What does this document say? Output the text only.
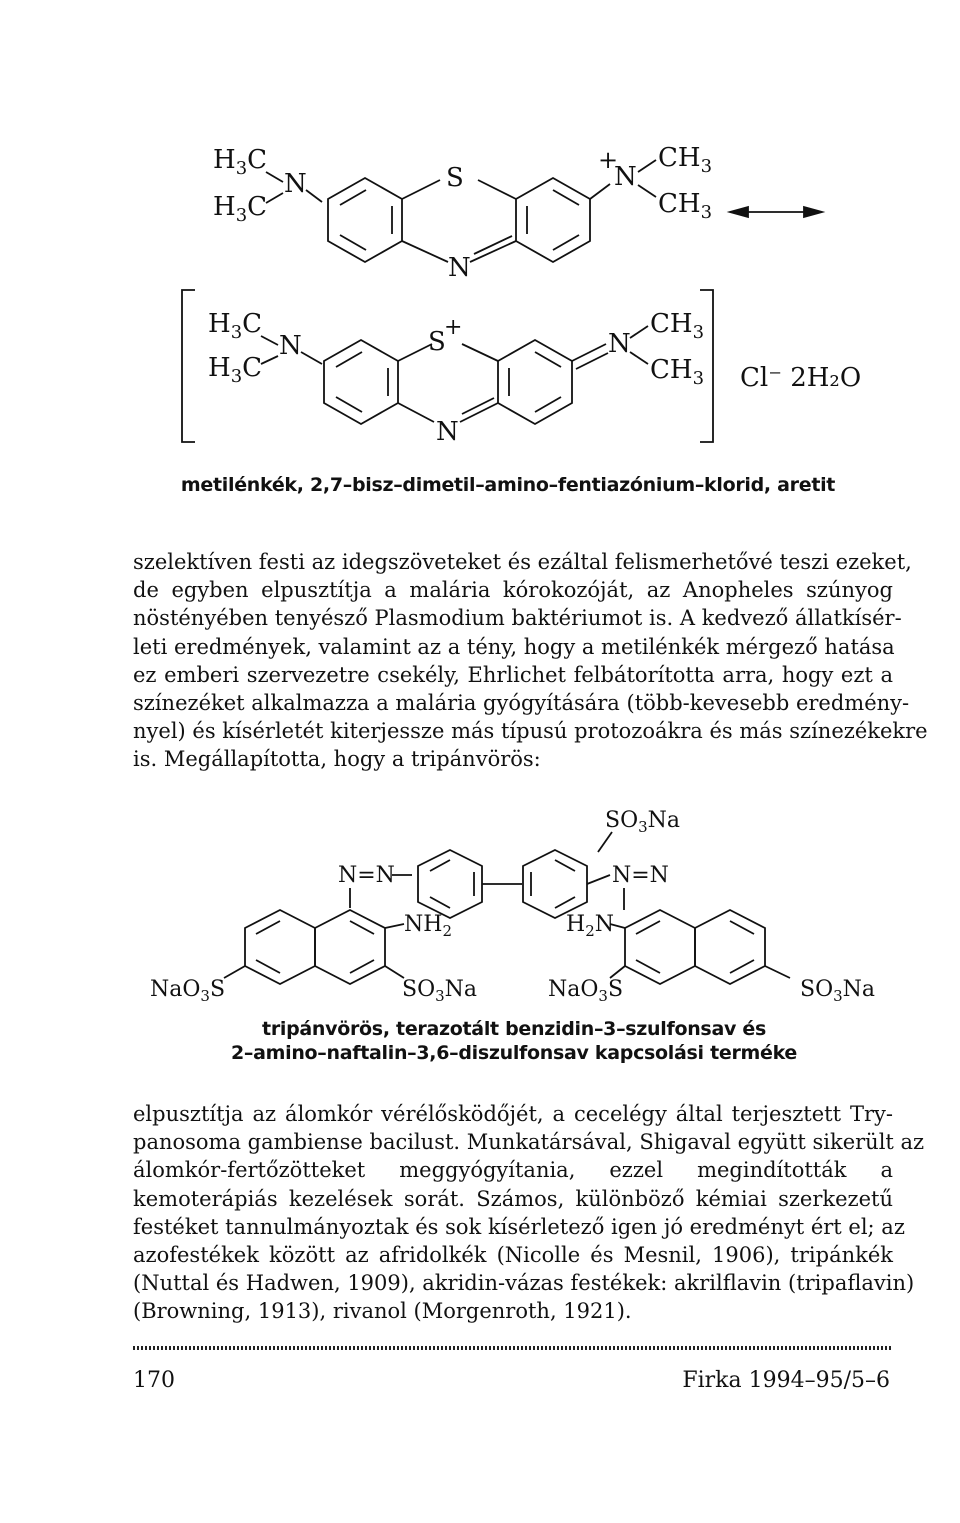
$H_3C$
$H_3C$
N	S
N
+
N
$CH_3$
$CH_3$
$H_3C$
$H_3C$
N	S
+
N
N
$CH_3$
$CH_3$ Cl⁻ 2H₂O
metilénkék, 2,7–bisz–dimetil–amino–fentiazónium–klorid, aretit
szelektíven festi az idegszöveteket és ezáltal felismerhetővé teszi ezeket,
de egyben elpusztítja a malária kórokozóját, az Anopheles szúnyog
nöstényében tenyésző Plasmodium baktériumot is. A kedvező állatkísér-
leti eredmények, valamint az a tény, hogy a metilénkék mérgező hatása
ez emberi szervezetre csekély, Ehrlichet felbátorította arra, hogy ezt a
színezéket alkalmazza a malária gyógyítására (több-kevesebb eredmény-
nyel) és kísérletét kiterjessze más típusú protozoákra és más színezékekre
is. Megállapította, hogy a tripánvörös:
$SO_3Na$
N=N	N=N
$NH_2$
NaO$_3$S	$SO_3Na$
$H_2N$
NaO$_3$S	$SO_3Na$
tripánvörös, terazotált benzidin–3–szulfonsav és
2–amino–naftalin–3,6–diszulfonsav kapcsolási terméke
elpusztítja az álomkór vérélősködőjét, a cecelégy által terjesztett Try-
panosoma gambiense bacilust. Munkatársával, Shigaval együtt sikerült az
álomkór-fertőzötteket meggyógyítania, ezzel megindították a
kemoterápiás kezelések sorát. Számos, különböző kémiai szerkezetű
festéket tannulmányoztak és sok kísérletező igen jó eredményt ért el; az
azofestékek között az afridolkék (Nicolle és Mesnil, 1906), tripánkék
(Nuttal és Hadwen, 1909), akridin-vázas festékek: akrilflavin (tripaflavin)
(Browning, 1913), rivanol (Morgenroth, 1921).
170	Firka 1994–95/5–6
